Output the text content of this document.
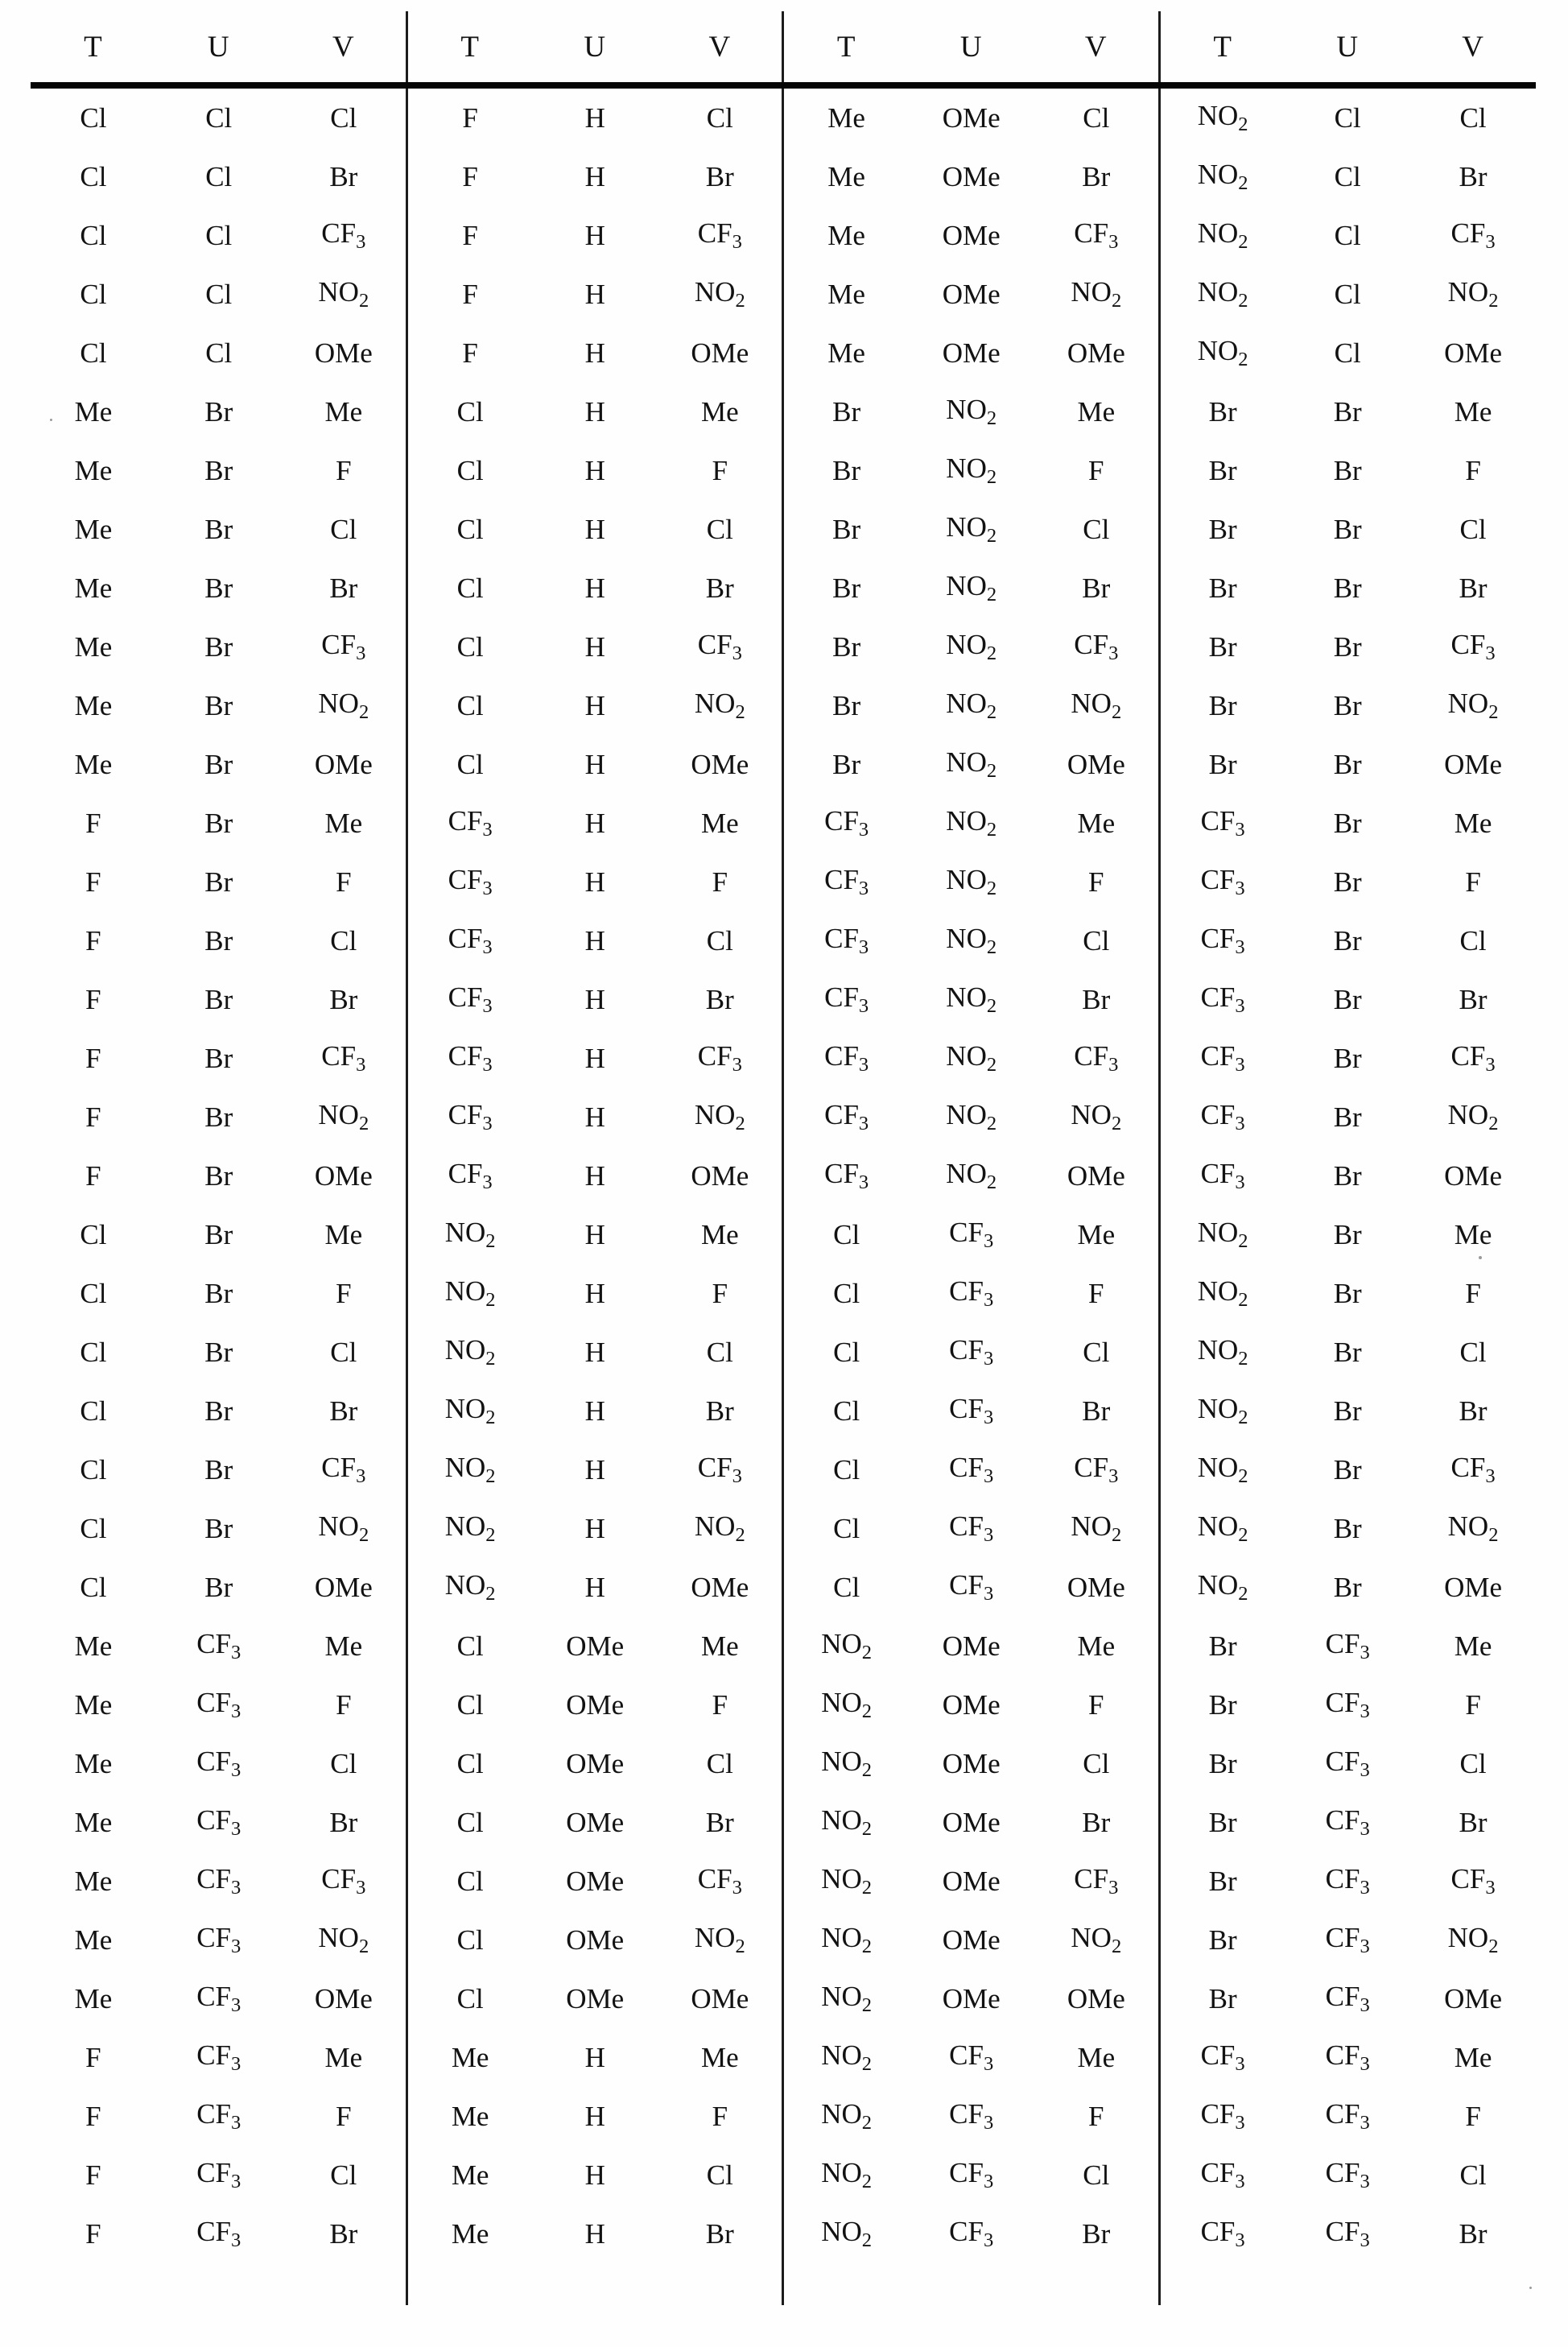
T	U	V	T	U	V	T	U	V	T	U	V
Cl	Cl	Cl	F	H	Cl	Me	OMe	Cl	$NO_2$	Cl	Cl
Cl	Cl	Br	F	H	Br	Me	OMe	Br	$NO_2$	Cl	Br
Cl	Cl	$CF_3$	F	H	$CF_3$	Me	OMe	$CF_3$	$NO_2$	Cl	$CF_3$
Cl	Cl	$NO_2$	F	H	$NO_2$	Me	OMe	$NO_2$	$NO_2$	Cl	$NO_2$
Cl	Cl	OMe	F	H	OMe	Me	OMe	OMe	$NO_2$	Cl	OMe
Me	Br	Me	Cl	H	Me	Br	$NO_2$	Me	Br	Br	Me
Me	Br	F	Cl	H	F	Br	$NO_2$	F	Br	Br	F
Me	Br	Cl	Cl	H	Cl	Br	$NO_2$	Cl	Br	Br	Cl
Me	Br	Br	Cl	H	Br	Br	$NO_2$	Br	Br	Br	Br
Me	Br	$CF_3$	Cl	H	$CF_3$	Br	$NO_2$	$CF_3$	Br	Br	$CF_3$
Me	Br	$NO_2$	Cl	H	$NO_2$	Br	$NO_2$	$NO_2$	Br	Br	$NO_2$
Me	Br	OMe	Cl	H	OMe	Br	$NO_2$	OMe	Br	Br	OMe
F	Br	Me	$CF_3$	H	Me	$CF_3$	$NO_2$	Me	$CF_3$	Br	Me
F	Br	F	$CF_3$	H	F	$CF_3$	$NO_2$	F	$CF_3$	Br	F
F	Br	Cl	$CF_3$	H	Cl	$CF_3$	$NO_2$	Cl	$CF_3$	Br	Cl
F	Br	Br	$CF_3$	H	Br	$CF_3$	$NO_2$	Br	$CF_3$	Br	Br
F	Br	$CF_3$	$CF_3$	H	$CF_3$	$CF_3$	$NO_2$	$CF_3$	$CF_3$	Br	$CF_3$
F	Br	$NO_2$	$CF_3$	H	$NO_2$	$CF_3$	$NO_2$	$NO_2$	$CF_3$	Br	$NO_2$
F	Br	OMe	$CF_3$	H	OMe	$CF_3$	$NO_2$	OMe	$CF_3$	Br	OMe
Cl	Br	Me	$NO_2$	H	Me	Cl	$CF_3$	Me	$NO_2$	Br	Me
Cl	Br	F	$NO_2$	H	F	Cl	$CF_3$	F	$NO_2$	Br	F
Cl	Br	Cl	$NO_2$	H	Cl	Cl	$CF_3$	Cl	$NO_2$	Br	Cl
Cl	Br	Br	$NO_2$	H	Br	Cl	$CF_3$	Br	$NO_2$	Br	Br
Cl	Br	$CF_3$	$NO_2$	H	$CF_3$	Cl	$CF_3$	$CF_3$	$NO_2$	Br	$CF_3$
Cl	Br	$NO_2$	$NO_2$	H	$NO_2$	Cl	$CF_3$	$NO_2$	$NO_2$	Br	$NO_2$
Cl	Br	OMe	$NO_2$	H	OMe	Cl	$CF_3$	OMe	$NO_2$	Br	OMe
Me	$CF_3$	Me	Cl	OMe	Me	$NO_2$	OMe	Me	Br	$CF_3$	Me
Me	$CF_3$	F	Cl	OMe	F	$NO_2$	OMe	F	Br	$CF_3$	F
Me	$CF_3$	Cl	Cl	OMe	Cl	$NO_2$	OMe	Cl	Br	$CF_3$	Cl
Me	$CF_3$	Br	Cl	OMe	Br	$NO_2$	OMe	Br	Br	$CF_3$	Br
Me	$CF_3$	$CF_3$	Cl	OMe	$CF_3$	$NO_2$	OMe	$CF_3$	Br	$CF_3$	$CF_3$
Me	$CF_3$	$NO_2$	Cl	OMe	$NO_2$	$NO_2$	OMe	$NO_2$	Br	$CF_3$	$NO_2$
Me	$CF_3$	OMe	Cl	OMe	OMe	$NO_2$	OMe	OMe	Br	$CF_3$	OMe
F	$CF_3$	Me	Me	H	Me	$NO_2$	$CF_3$	Me	$CF_3$	$CF_3$	Me
F	$CF_3$	F	Me	H	F	$NO_2$	$CF_3$	F	$CF_3$	$CF_3$	F
F	$CF_3$	Cl	Me	H	Cl	$NO_2$	$CF_3$	Cl	$CF_3$	$CF_3$	Cl
F	$CF_3$	Br	Me	H	Br	$NO_2$	$CF_3$	Br	$CF_3$	$CF_3$	Br
